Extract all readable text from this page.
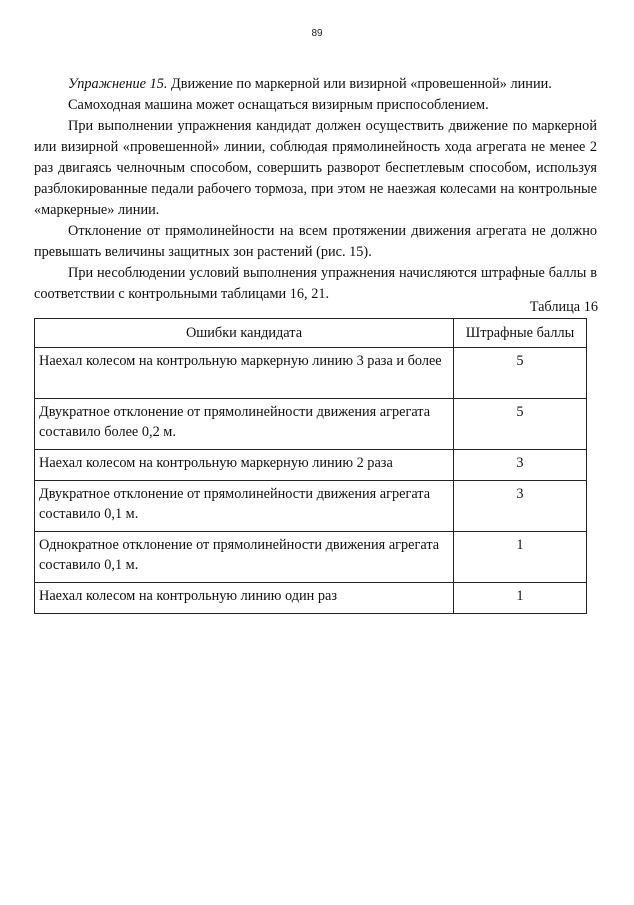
89

Упражнение 15. Движение по маркерной или визирной «провешенной» линии.

Самоходная машина может оснащаться визирным приспособлением.

При выполнении упражнения кандидат должен осуществить движение по маркерной или визирной «провешенной» линии, соблюдая прямолинейность хода агрегата не менее 2 раз двигаясь челночным способом, совершить разворот беспетлевым способом, используя разблокированные педали рабочего тормоза, при этом не наезжая колесами на контрольные «маркерные» линии.

Отклонение от прямолинейности на всем протяжении движения агрегата не должно превышать величины защитных зон растений (рис. 15).

При несоблюдении условий выполнения упражнения начисляются штрафные баллы в соответствии с контрольными таблицами 16, 21.

Таблица 16
Ошибки кандидата	Штрафные баллы
Наехал колесом на контрольную маркерную линию 3 раза и более	5
Двукратное отклонение от прямолинейности движения агрегата составило более 0,2 м.	5
Наехал колесом на контрольную маркерную линию 2 раза	3
Двукратное отклонение от прямолинейности движения агрегата составило 0,1 м.	3
Однократное отклонение от прямолинейности движения агрегата составило 0,1 м.	1
Наехал колесом на контрольную линию один раз	1
